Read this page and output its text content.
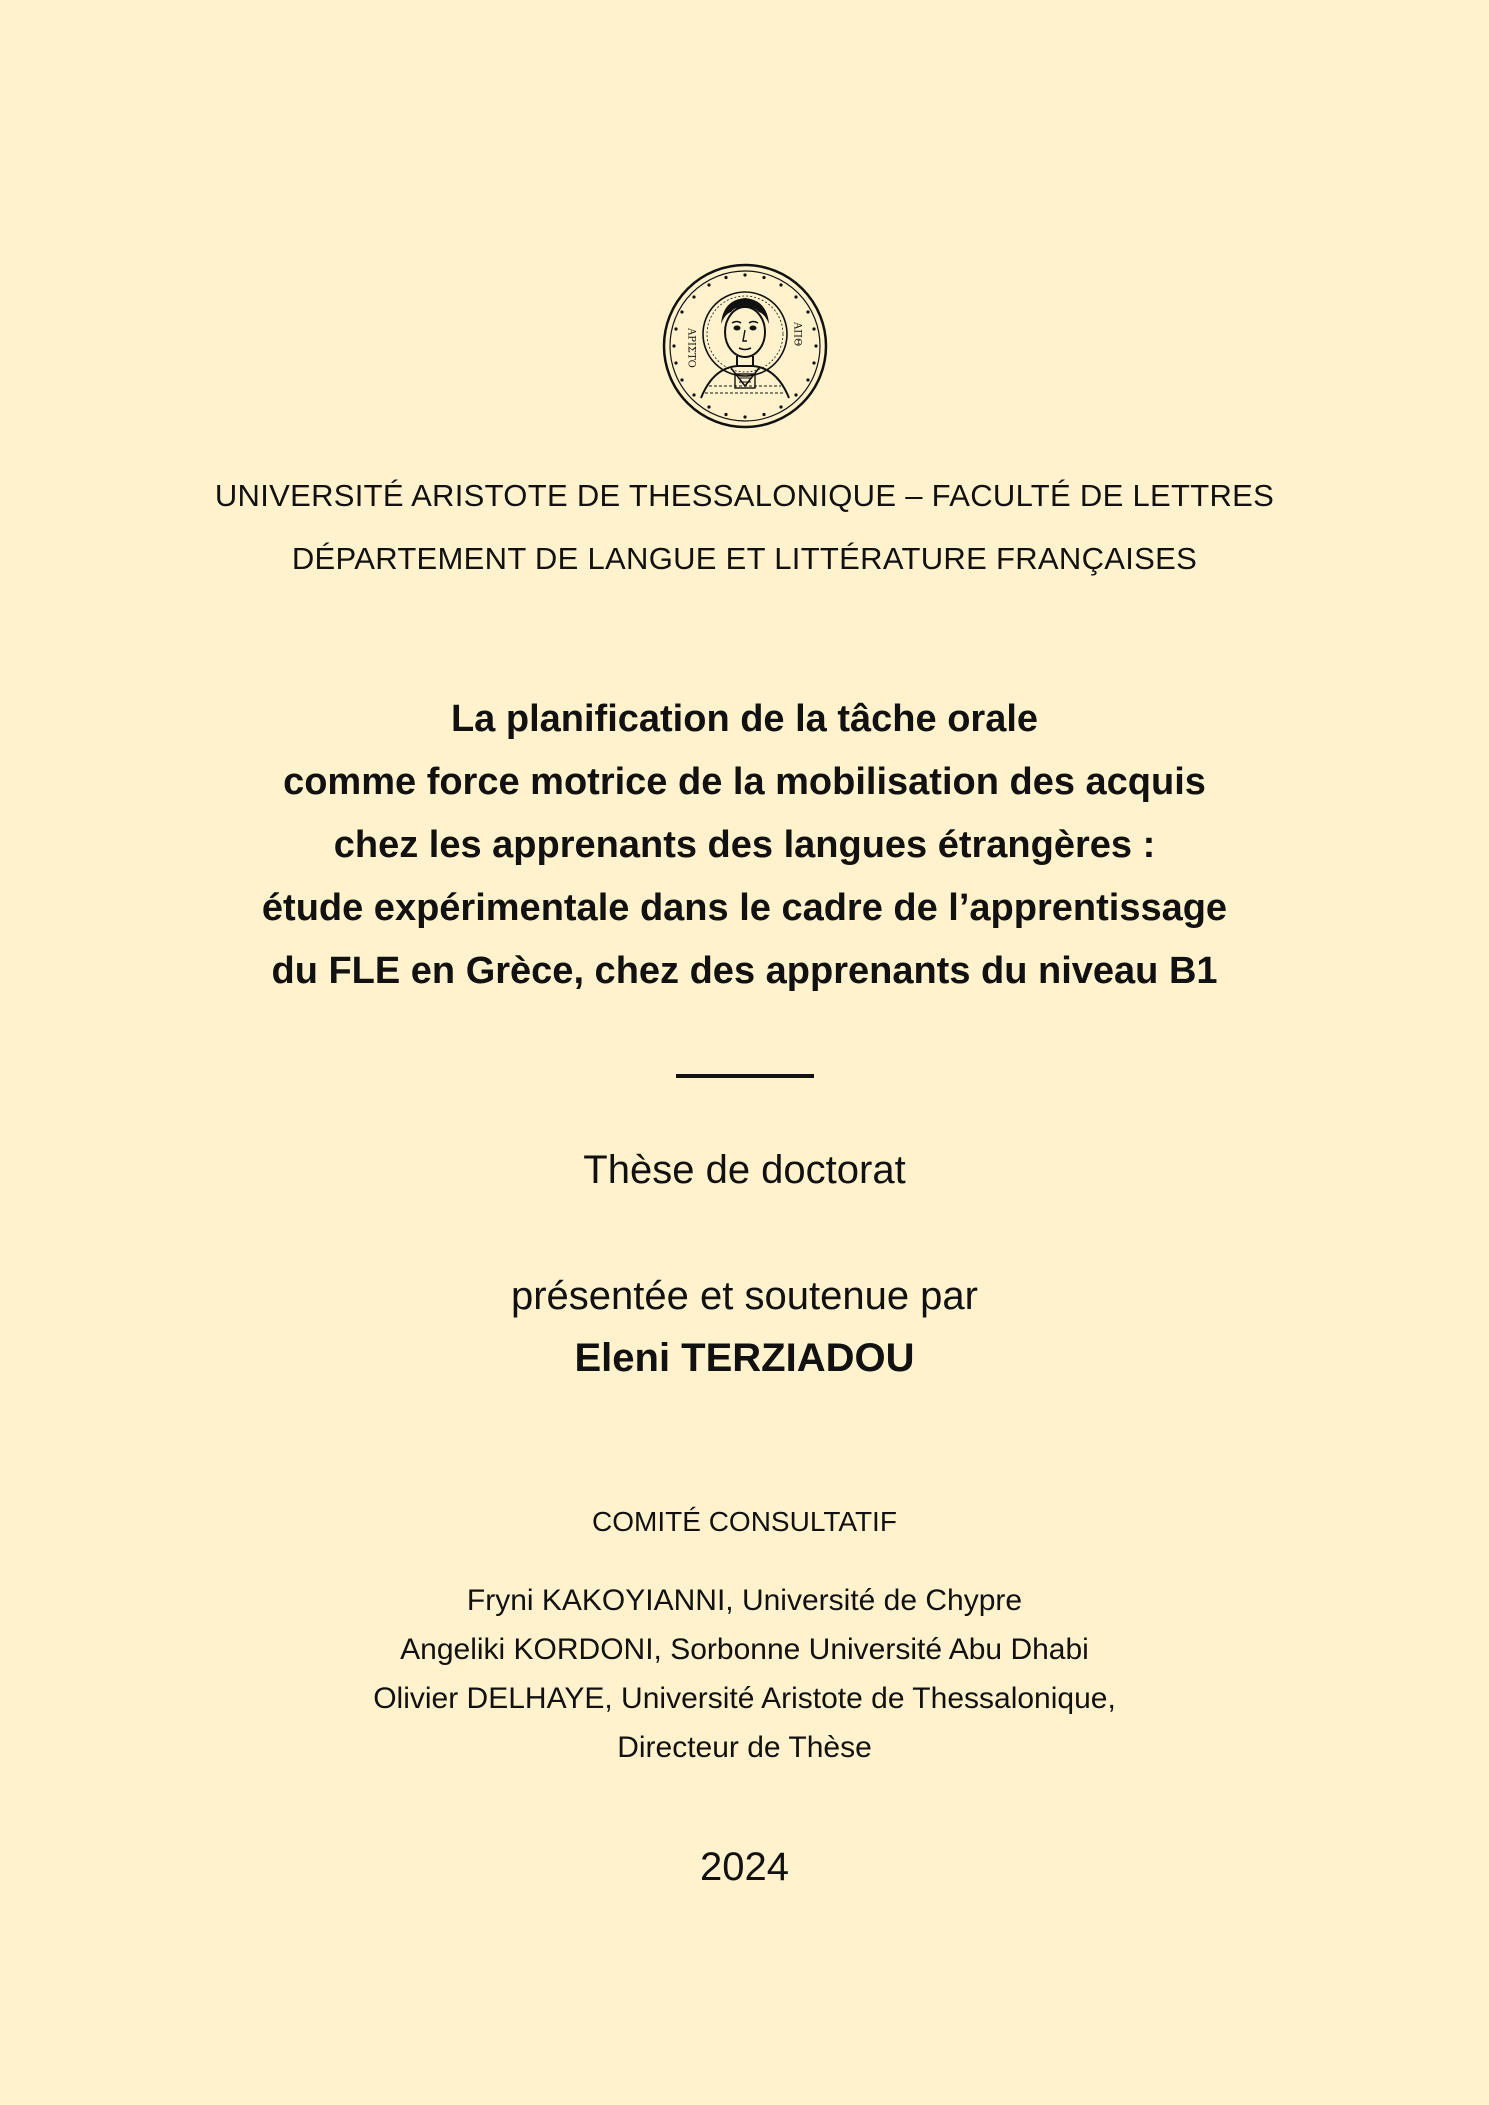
ΑΡΙΣΤΟ	ΑΠΘ
UNIVERSITÉ ARISTOTE DE THESSALONIQUE – FACULTÉ DE LETTRES
DÉPARTEMENT DE LANGUE ET LITTÉRATURE FRANÇAISES
La planification de la tâche orale
comme force motrice de la mobilisation des acquis
chez les apprenants des langues étrangères :
étude expérimentale dans le cadre de l’apprentissage
du FLE en Grèce, chez des apprenants du niveau B1
Thèse de doctorat
présentée et soutenue par
Eleni TERZIADOU
COMITÉ CONSULTATIF
Fryni KAKOYIANNI, Université de Chypre
Angeliki KORDONI, Sorbonne Université Abu Dhabi
Olivier DELHAYE, Université Aristote de Thessalonique,
Directeur de Thèse
2024
